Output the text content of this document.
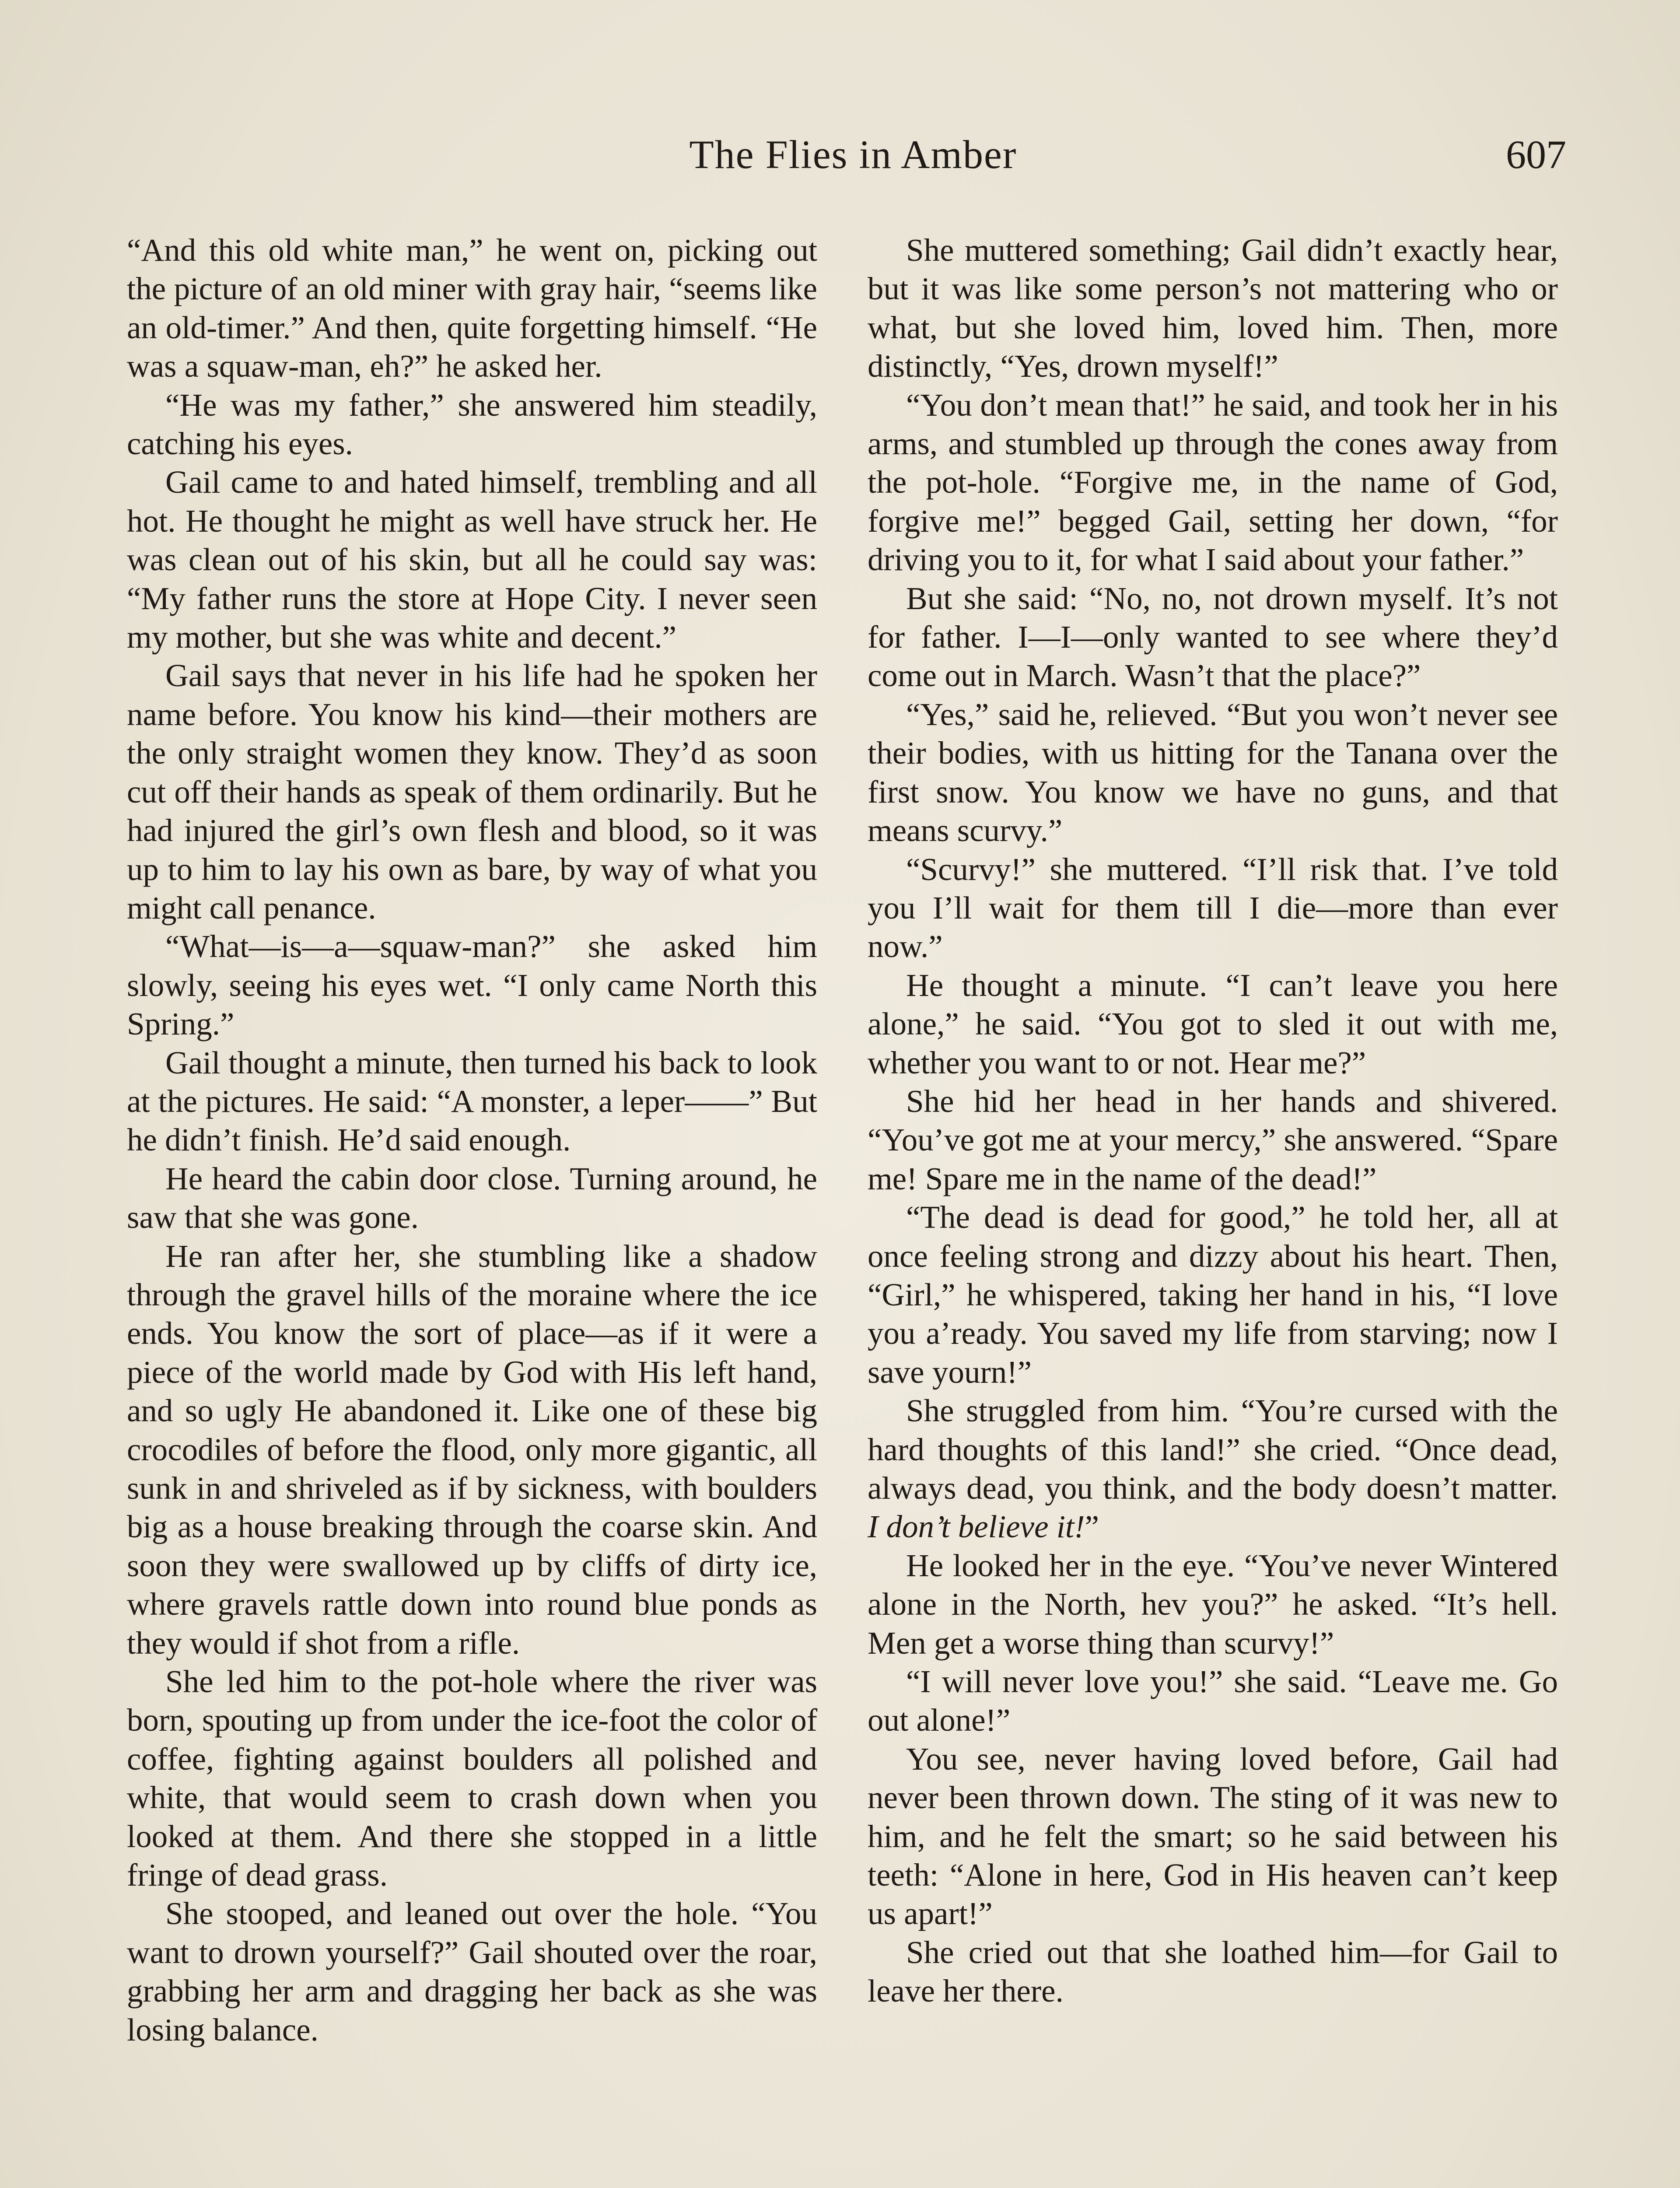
The Flies in Amber	607

“And this old white man,” he went on, picking out the picture of an old miner with gray hair, “seems like an old-timer.” And then, quite forgetting himself. “He was a squaw-man, eh?” he asked her.

“He was my father,” she answered him steadily, catching his eyes.

Gail came to and hated himself, trembling and all hot. He thought he might as well have struck her. He was clean out of his skin, but all he could say was: “My father runs the store at Hope City. I never seen my mother, but she was white and decent.”

Gail says that never in his life had he spoken her name before. You know his kind—their mothers are the only straight women they know. They’d as soon cut off their hands as speak of them ordinarily. But he had injured the girl’s own flesh and blood, so it was up to him to lay his own as bare, by way of what you might call penance.

“What—is—a—squaw-man?” she asked him slowly, seeing his eyes wet. “I only came North this Spring.”

Gail thought a minute, then turned his back to look at the pictures. He said: “A monster, a leper——” But he didn’t finish. He’d said enough.

He heard the cabin door close. Turning around, he saw that she was gone.

He ran after her, she stumbling like a shadow through the gravel hills of the moraine where the ice ends. You know the sort of place—as if it were a piece of the world made by God with His left hand, and so ugly He abandoned it. Like one of these big crocodiles of before the flood, only more gigantic, all sunk in and shriveled as if by sickness, with boulders big as a house breaking through the coarse skin. And soon they were swallowed up by cliffs of dirty ice, where gravels rattle down into round blue ponds as they would if shot from a rifle.

She led him to the pot-hole where the river was born, spouting up from under the ice-foot the color of coffee, fighting against boulders all polished and white, that would seem to crash down when you looked at them. And there she stopped in a little fringe of dead grass.

She stooped, and leaned out over the hole. “You want to drown yourself?” Gail shouted over the roar, grabbing her arm and dragging her back as she was losing balance.

She muttered something; Gail didn’t exactly hear, but it was like some person’s not mattering who or what, but she loved him, loved him. Then, more distinctly, “Yes, drown myself!”

“You don’t mean that!” he said, and took her in his arms, and stumbled up through the cones away from the pot-hole. “Forgive me, in the name of God, forgive me!” begged Gail, setting her down, “for driving you to it, for what I said about your father.”

But she said: “No, no, not drown myself. It’s not for father. I—I—only wanted to see where they’d come out in March. Wasn’t that the place?”

“Yes,” said he, relieved. “But you won’t never see their bodies, with us hitting for the Tanana over the first snow. You know we have no guns, and that means scurvy.”

“Scurvy!” she muttered. “I’ll risk that. I’ve told you I’ll wait for them till I die—more than ever now.”

He thought a minute. “I can’t leave you here alone,” he said. “You got to sled it out with me, whether you want to or not. Hear me?”

She hid her head in her hands and shivered. “You’ve got me at your mercy,” she answered. “Spare me! Spare me in the name of the dead!”

“The dead is dead for good,” he told her, all at once feeling strong and dizzy about his heart. Then, “Girl,” he whispered, taking her hand in his, “I love you a’ready. You saved my life from starving; now I save yourn!”

She struggled from him. “You’re cursed with the hard thoughts of this land!” she cried. “Once dead, always dead, you think, and the body doesn’t matter. I don’t believe it!”

He looked her in the eye. “You’ve never Wintered alone in the North, hev you?” he asked. “It’s hell. Men get a worse thing than scurvy!”

“I will never love you!” she said. “Leave me. Go out alone!”

You see, never having loved before, Gail had never been thrown down. The sting of it was new to him, and he felt the smart; so he said between his teeth: “Alone in here, God in His heaven can’t keep us apart!”

She cried out that she loathed him—for Gail to leave her there.
